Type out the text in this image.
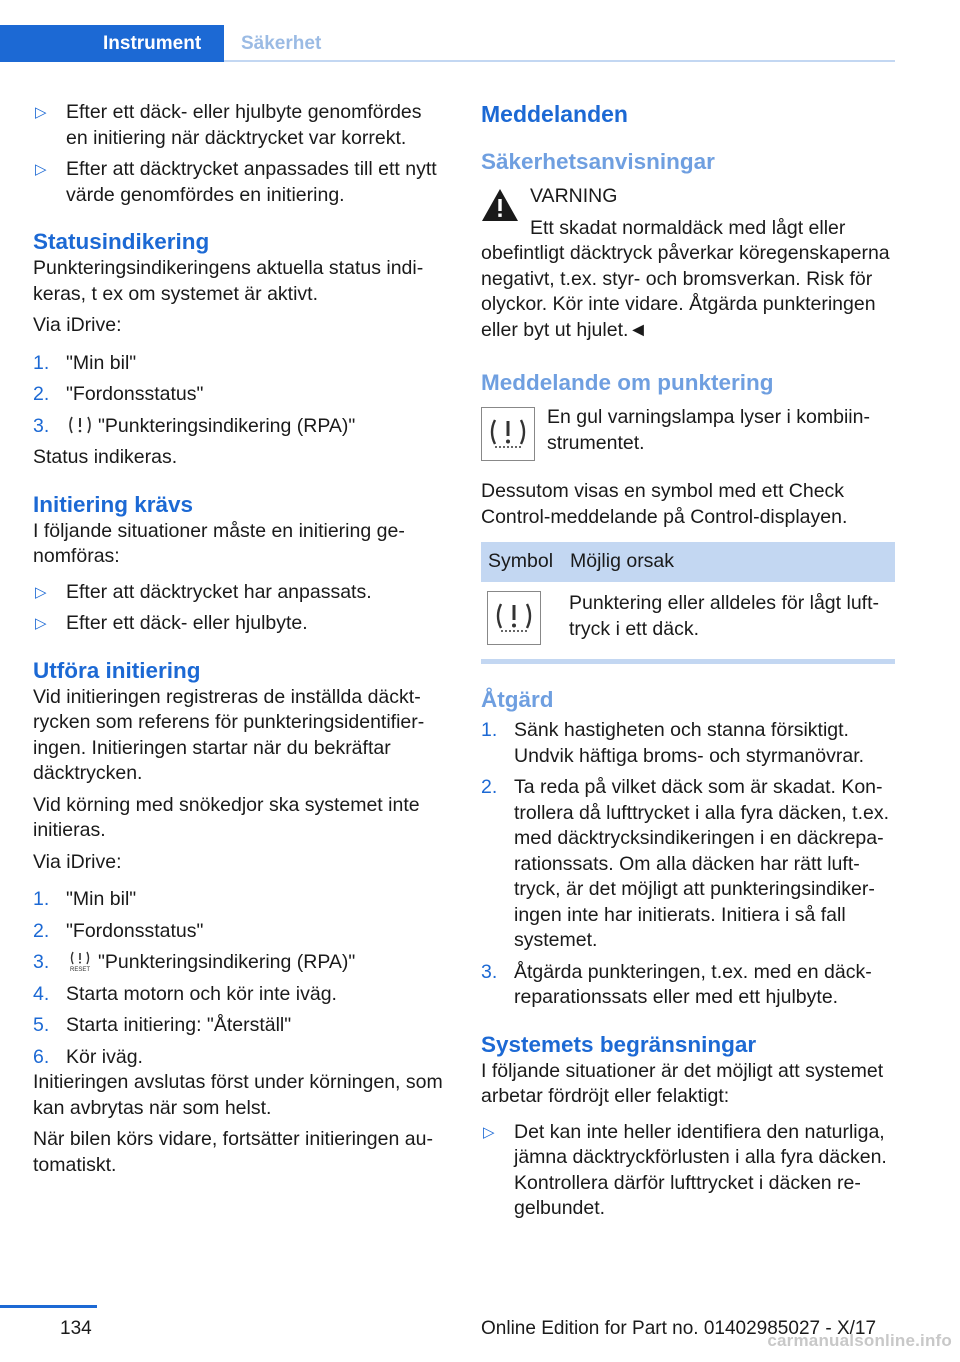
Instrument	Säkerhet
▷ Efter ett däck- eller hjulbyte genomfördes en initiering när däcktrycket var korrekt.
▷ Efter att däcktrycket anpassades till ett nytt värde genomfördes en initiering.
Statusindikering

Punkteringsindikeringens aktuella status indikeras, t ex om systemet är aktivt.

Via iDrive:

1. "Min bil"
2. "Fordonsstatus"
3. "Punkteringsindikering (RPA)"

Status indikeras.

Initiering krävs

I följande situationer måste en initiering genomföras:

▷ Efter att däcktrycket har anpassats.
▷ Efter ett däck- eller hjulbyte.
Utföra initiering

Vid initieringen registreras de inställda däcktrycken som referens för punkteringsidentifieringen. Initieringen startar när du bekräftar däcktrycken.

Vid körning med snökedjor ska systemet inte initieras.

Via iDrive:

1. "Min bil"
2. "Fordonsstatus"
3.	RESET "Punkteringsindikering (RPA)"
4. Starta motorn och kör inte iväg.
5. Starta initiering: "Återställ"
6. Kör iväg.

Initieringen avslutas först under körningen, som kan avbrytas när som helst.

När bilen körs vidare, fortsätter initieringen automatiskt.

Meddelanden
Säkerhetsanvisningar

VARNING

Ett skadat normaldäck med lågt eller obefintligt däcktryck påverkar köregenskaperna negativt, t.ex. styr- och bromsverkan. Risk för olyckor. Kör inte vidare. Åtgärda punkteringen eller byt ut hjulet.◄

Meddelande om punktering

En gul varningslampa lyser i kombiinstrumentet.

Dessutom visas en symbol med ett Check Control-meddelande på Control-displayen.

Symbol	Möjlig orsak

	Punktering eller alldeles för lågt lufttryck i ett däck.
Åtgärd
1. Sänk hastigheten och stanna försiktigt. Undvik häftiga broms- och styrmanövrar.
2. Ta reda på vilket däck som är skadat. Kontrollera då lufttrycket i alla fyra däcken, t.ex. med däcktrycksindikeringen i en däckreparationssats. Om alla däcken har rätt lufttryck, är det möjligt att punkteringsindikeringen inte har initierats. Initiera i så fall systemet.
3. Åtgärda punkteringen, t.ex. med en däckreparationssats eller med ett hjulbyte.
Systemets begränsningar

I följande situationer är det möjligt att systemet arbetar fördröjt eller felaktigt:

▷ Det kan inte heller identifiera den naturliga, jämna däcktryckförlusten i alla fyra däcken. Kontrollera därför lufttrycket i däcken regelbundet.
134	Online Edition for Part no. 01402985027 - X/17
carmanualsonline.info
